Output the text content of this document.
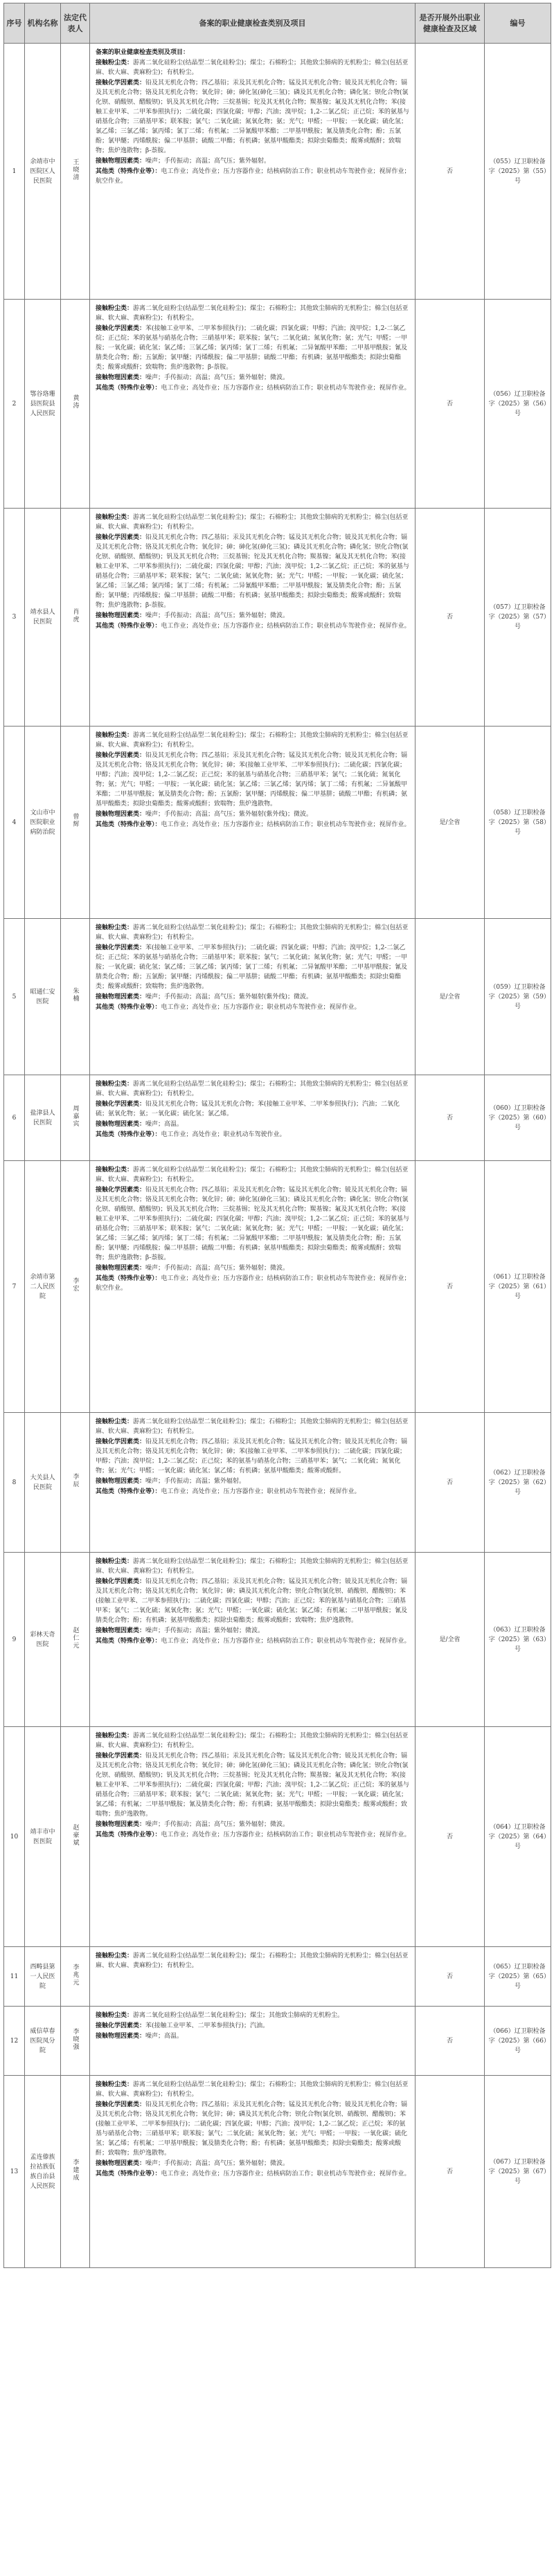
序号	机构名称	法定代表人	备案的职业健康检查类别及项目	是否开展外出职业健康检查及区域	编号
1	余靖市中医院区人民医院	王晓清	备案的职业健康检查类别及项目：

接触粉尘类：游离二氧化硅粉尘(结晶型二氧化硅粉尘)；煤尘；石棉粉尘；其他致尘肺病的无机粉尘；棉尘(包括亚麻、软大麻、黄麻粉尘)；有机粉尘。

接触化学因素类：铅及其无机化合物；四乙基铅；汞及其无机化合物；锰及其无机化合物；铍及其无机化合物；镉及其无机化合物；铬及其无机化合物；氧化锌；砷；砷化氢(砷化三氢)；磷及其无机化合物；磷化氢；钡化合物(氯化钡、硝酸钡、醋酸钡)；钒及其无机化合物；三烷基锡；铊及其无机化合物；羰基镍；氟及其无机化合物；苯(接触工业甲苯、二甲苯参照执行)；二硫化碳；四氯化碳；甲醇；汽油；溴甲烷；1,2-二氯乙烷；正己烷；苯的氨基与硝基化合物；三硝基甲苯；联苯胺；氯气；二氧化硫；氮氧化物；氨；光气；甲醛；一甲胺；一氧化碳；硫化氢；氯乙烯；三氯乙烯；氯丙烯；氯丁二烯；有机氟；二异氰酸甲苯酯；二甲基甲酰胺；氰及腈类化合物；酚；五氯酚；氯甲醚；丙烯酰胺；偏二甲基肼；硫酸二甲酯；有机磷；氨基甲酸酯类；拟除虫菊酯类；酸雾或酸酐；致喘物；焦炉逸散物；β-萘胺。

接触物理因素类：噪声；手传振动；高温；高气压；紫外辐射。

其他类（特殊作业等）：电工作业；高处作业；压力容器作业；结核病防治工作；职业机动车驾驶作业；视屏作业；航空作业。	否	（055）辽卫职检备字（2025）第（55）号
2	鄂谷珞珊县医院县人民医院	黄涛	接触粉尘类：游离二氧化硅粉尘(结晶型二氧化硅粉尘)；煤尘；石棉粉尘；其他致尘肺病的无机粉尘；棉尘(包括亚麻、软大麻、黄麻粉尘)；有机粉尘。

接触化学因素类：苯(接触工业甲苯、二甲苯参照执行)；二硫化碳；四氯化碳；甲醇；汽油；溴甲烷；1,2-二氯乙烷；正己烷；苯的氨基与硝基化合物；三硝基甲苯；联苯胺；氯气；二氧化硫；氮氧化物；氨；光气；甲醛；一甲胺；一氧化碳；硫化氢；氯乙烯；三氯乙烯；氯丙烯；氯丁二烯；有机氟；二异氰酸甲苯酯；二甲基甲酰胺；氰及腈类化合物；酚；五氯酚；氯甲醚；丙烯酰胺；偏二甲基肼；硫酸二甲酯；有机磷；氨基甲酸酯类；拟除虫菊酯类；酸雾或酸酐；致喘物；焦炉逸散物；β-萘胺。

接触物理因素类：噪声；手传振动；高温；高气压；紫外辐射；微波。

其他类（特殊作业等）：电工作业；高处作业；压力容器作业；结核病防治工作；职业机动车驾驶作业；视屏作业。	否	（056）辽卫职检备字（2025）第（56）号
3	靖水县人民医院	肖虎	接触粉尘类：游离二氧化硅粉尘(结晶型二氧化硅粉尘)；煤尘；石棉粉尘；其他致尘肺病的无机粉尘；棉尘(包括亚麻、软大麻、黄麻粉尘)；有机粉尘。

接触化学因素类：铅及其无机化合物；四乙基铅；汞及其无机化合物；锰及其无机化合物；铍及其无机化合物；镉及其无机化合物；铬及其无机化合物；氧化锌；砷；砷化氢(砷化三氢)；磷及其无机化合物；磷化氢；钡化合物(氯化钡、硝酸钡、醋酸钡)；钒及其无机化合物；三烷基锡；铊及其无机化合物；羰基镍；氟及其无机化合物；苯(接触工业甲苯、二甲苯参照执行)；二硫化碳；四氯化碳；甲醇；汽油；溴甲烷；1,2-二氯乙烷；正己烷；苯的氨基与硝基化合物；三硝基甲苯；联苯胺；氯气；二氧化硫；氮氧化物；氨；光气；甲醛；一甲胺；一氧化碳；硫化氢；氯乙烯；三氯乙烯；氯丙烯；氯丁二烯；有机氟；二异氰酸甲苯酯；二甲基甲酰胺；氰及腈类化合物；酚；五氯酚；氯甲醚；丙烯酰胺；偏二甲基肼；硫酸二甲酯；有机磷；氨基甲酸酯类；拟除虫菊酯类；酸雾或酸酐；致喘物；焦炉逸散物；β-萘胺。

接触物理因素类：噪声；手传振动；高温；高气压；紫外辐射；微波。

其他类（特殊作业等）：电工作业；高处作业；压力容器作业；结核病防治工作；职业机动车驾驶作业；视屏作业。	否	（057）辽卫职检备字（2025）第（57）号
4	文山市中医院职业病防治院	曾辉	接触粉尘类：游离二氧化硅粉尘(结晶型二氧化硅粉尘)；煤尘；石棉粉尘；其他致尘肺病的无机粉尘；棉尘(包括亚麻、软大麻、黄麻粉尘)；有机粉尘。

接触化学因素类：铅及其无机化合物；四乙基铅；汞及其无机化合物；锰及其无机化合物；铍及其无机化合物；镉及其无机化合物；铬及其无机化合物；氧化锌；砷；苯(接触工业甲苯、二甲苯参照执行)；二硫化碳；四氯化碳；甲醇；汽油；溴甲烷；1,2-二氯乙烷；正己烷；苯的氨基与硝基化合物；三硝基甲苯；氯气；二氧化硫；氮氧化物；氨；光气；甲醛；一甲胺；一氧化碳；硫化氢；氯乙烯；三氯乙烯；氯丙烯；氯丁二烯；有机氟；二异氰酸甲苯酯；二甲基甲酰胺；氰及腈类化合物；酚；五氯酚；氯甲醚；丙烯酰胺；偏二甲基肼；硫酸二甲酯；有机磷；氨基甲酸酯类；拟除虫菊酯类；酸雾或酸酐；致喘物；焦炉逸散物。

接触物理因素类：噪声；手传振动；高温；高气压；紫外辐射(紫外线)；微波。

其他类（特殊作业等）：电工作业；高处作业；压力容器作业；结核病防治工作；职业机动车驾驶作业；视屏作业。	是/全省	（058）辽卫职检备字（2025）第（58）号
5	昭通仁安医院	朱楠	接触粉尘类：游离二氧化硅粉尘(结晶型二氧化硅粉尘)；煤尘；石棉粉尘；其他致尘肺病的无机粉尘；棉尘(包括亚麻、软大麻、黄麻粉尘)；有机粉尘。

接触化学因素类：苯(接触工业甲苯、二甲苯参照执行)；二硫化碳；四氯化碳；甲醇；汽油；溴甲烷；1,2-二氯乙烷；正己烷；苯的氨基与硝基化合物；三硝基甲苯；联苯胺；氯气；二氧化硫；氮氧化物；氨；光气；甲醛；一甲胺；一氧化碳；硫化氢；氯乙烯；三氯乙烯；氯丙烯；氯丁二烯；有机氟；二异氰酸甲苯酯；二甲基甲酰胺；氰及腈类化合物；酚；五氯酚；氯甲醚；丙烯酰胺；偏二甲基肼；硫酸二甲酯；有机磷；氨基甲酸酯类；拟除虫菊酯类；酸雾或酸酐；致喘物；焦炉逸散物。

接触物理因素类：噪声；手传振动；高温；高气压；紫外辐射(紫外线)；微波。

其他类（特殊作业等）：电工作业；高处作业；压力容器作业；职业机动车驾驶作业；视屏作业。	是/全省	（059）辽卫职检备字（2025）第（59）号
6	盐津县人民医院	周嘉宾	接触粉尘类：游离二氧化硅粉尘(结晶型二氧化硅粉尘)；煤尘；石棉粉尘；其他致尘肺病的无机粉尘；棉尘(包括亚麻、软大麻、黄麻粉尘)；有机粉尘。

接触化学因素类：铅及其无机化合物；锰及其无机化合物；苯(接触工业甲苯、二甲苯参照执行)；汽油；二氧化硫；氨氧化物；氨；一氧化碳；硫化氢；氯乙烯。

接触物理因素类：噪声；高温。

其他类（特殊作业等）：电工作业；高处作业；职业机动车驾驶作业。	否	（060）辽卫职检备字（2025）第（60）号
7	余靖市第二人民医院	李宏	接触粉尘类：游离二氧化硅粉尘(结晶型二氧化硅粉尘)；煤尘；石棉粉尘；其他致尘肺病的无机粉尘；棉尘(包括亚麻、软大麻、黄麻粉尘)；有机粉尘。

接触化学因素类：铅及其无机化合物；四乙基铅；汞及其无机化合物；锰及其无机化合物；铍及其无机化合物；镉及其无机化合物；铬及其无机化合物；氧化锌；砷；砷化氢(砷化三氢)；磷及其无机化合物；磷化氢；钡化合物(氯化钡、硝酸钡、醋酸钡)；钒及其无机化合物；三烷基锡；铊及其无机化合物；羰基镍；氟及其无机化合物；苯(接触工业甲苯、二甲苯参照执行)；二硫化碳；四氯化碳；甲醇；汽油；溴甲烷；1,2-二氯乙烷；正己烷；苯的氨基与硝基化合物；三硝基甲苯；联苯胺；氯气；二氧化硫；氮氧化物；氨；光气；甲醛；一甲胺；一氧化碳；硫化氢；氯乙烯；三氯乙烯；氯丙烯；氯丁二烯；有机氟；二异氰酸甲苯酯；二甲基甲酰胺；氰及腈类化合物；酚；五氯酚；氯甲醚；丙烯酰胺；偏二甲基肼；硫酸二甲酯；有机磷；氨基甲酸酯类；拟除虫菊酯类；酸雾或酸酐；致喘物；焦炉逸散物；β-萘胺。

接触物理因素类：噪声；手传振动；高温；高气压；紫外辐射；微波。

其他类（特殊作业等）：电工作业；高处作业；压力容器作业；结核病防治工作；职业机动车驾驶作业；视屏作业；航空作业。	否	（061）辽卫职检备字（2025）第（61）号
8	大关县人民医院	李辰	接触粉尘类：游离二氧化硅粉尘(结晶型二氧化硅粉尘)；煤尘；石棉粉尘；其他致尘肺病的无机粉尘；棉尘(包括亚麻、软大麻、黄麻粉尘)；有机粉尘。

接触化学因素类：铅及其无机化合物；四乙基铅；汞及其无机化合物；锰及其无机化合物；铍及其无机化合物；镉及其无机化合物；铬及其无机化合物；氧化锌；砷；苯(接触工业甲苯、二甲苯参照执行)；二硫化碳；四氯化碳；甲醇；汽油；溴甲烷；1,2-二氯乙烷；正己烷；苯的氨基与硝基化合物；三硝基甲苯；氯气；二氧化硫；氮氧化物；氨；光气；甲醛；一氧化碳；硫化氢；氯乙烯；有机磷；氨基甲酸酯类；酸雾或酸酐。

接触物理因素类：噪声；手传振动；高温；紫外辐射。

其他类（特殊作业等）：电工作业；高处作业；压力容器作业；职业机动车驾驶作业；视屏作业。	否	（062）辽卫职检备字（2025）第（62）号
9	彩林天奇医院	赵仁元	接触粉尘类：游离二氧化硅粉尘(结晶型二氧化硅粉尘)；煤尘；石棉粉尘；其他致尘肺病的无机粉尘；棉尘(包括亚麻、软大麻、黄麻粉尘)；有机粉尘。

接触化学因素类：铅及其无机化合物；四乙基铅；汞及其无机化合物；锰及其无机化合物；铍及其无机化合物；镉及其无机化合物；铬及其无机化合物；氧化锌；砷；磷及其无机化合物；钡化合物(氯化钡、硝酸钡、醋酸钡)；苯(接触工业甲苯、二甲苯参照执行)；二硫化碳；四氯化碳；甲醇；汽油；正己烷；苯的氨基与硝基化合物；三硝基甲苯；氯气；二氧化硫；氮氧化物；氨；光气；甲醛；一氧化碳；硫化氢；氯乙烯；有机氟；二甲基甲酰胺；氰及腈类化合物；酚；有机磷；氨基甲酸酯类；拟除虫菊酯类；酸雾或酸酐；致喘物；焦炉逸散物。

接触物理因素类：噪声；手传振动；高温；紫外辐射；微波。

其他类（特殊作业等）：电工作业；高处作业；压力容器作业；结核病防治工作；职业机动车驾驶作业；视屏作业。	是/全省	（063）辽卫职检备字（2025）第（63）号
10	靖丰市中医医院	赵豪斌	接触粉尘类：游离二氧化硅粉尘(结晶型二氧化硅粉尘)；煤尘；石棉粉尘；其他致尘肺病的无机粉尘；棉尘(包括亚麻、软大麻、黄麻粉尘)；有机粉尘。

接触化学因素类：铅及其无机化合物；四乙基铅；汞及其无机化合物；锰及其无机化合物；铍及其无机化合物；镉及其无机化合物；铬及其无机化合物；氧化锌；砷；砷化氢(砷化三氢)；磷及其无机化合物；磷化氢；钡化合物(氯化钡、硝酸钡、醋酸钡)；钒及其无机化合物；三烷基锡；铊及其无机化合物；羰基镍；氟及其无机化合物；苯(接触工业甲苯、二甲苯参照执行)；二硫化碳；四氯化碳；甲醇；汽油；溴甲烷；1,2-二氯乙烷；正己烷；苯的氨基与硝基化合物；三硝基甲苯；联苯胺；氯气；二氧化硫；氮氧化物；氨；光气；甲醛；一甲胺；一氧化碳；硫化氢；氯乙烯；有机氟；二甲基甲酰胺；氰及腈类化合物；酚；有机磷；氨基甲酸酯类；拟除虫菊酯类；酸雾或酸酐；致喘物；焦炉逸散物。

接触物理因素类：噪声；手传振动；高温；高气压；紫外辐射；微波。

其他类（特殊作业等）：电工作业；高处作业；压力容器作业；结核病防治工作；职业机动车驾驶作业；视屏作业。	否	（064）辽卫职检备字（2025）第（64）号
11	西畴县第一人民医院	李兆元	接触粉尘类：游离二氧化硅粉尘(结晶型二氧化硅粉尘)；煤尘；石棉粉尘；其他致尘肺病的无机粉尘；棉尘(包括亚麻、软大麻、黄麻粉尘)；有机粉尘。	否	（065）辽卫职检备字（2025）第（65）号
12	威信草春医院凤分院	李晓强	接触粉尘类：游离二氧化硅粉尘(结晶型二氧化硅粉尘)；煤尘；其他致尘肺病的无机粉尘。

接触化学因素类：苯(接触工业甲苯、二甲苯参照执行)；汽油。

接触物理因素类：噪声；高温。	否	（066）辽卫职检备字（2025）第（66）号
13	孟连傣族拉祜族佤族自治县人民医院	李建成	接触粉尘类：游离二氧化硅粉尘(结晶型二氧化硅粉尘)；煤尘；石棉粉尘；其他致尘肺病的无机粉尘；棉尘(包括亚麻、软大麻、黄麻粉尘)；有机粉尘。

接触化学因素类：铅及其无机化合物；四乙基铅；汞及其无机化合物；锰及其无机化合物；铍及其无机化合物；镉及其无机化合物；铬及其无机化合物；氧化锌；砷；磷及其无机化合物；钡化合物(氯化钡、硝酸钡、醋酸钡)；苯(接触工业甲苯、二甲苯参照执行)；二硫化碳；四氯化碳；甲醇；汽油；溴甲烷；1,2-二氯乙烷；正己烷；苯的氨基与硝基化合物；三硝基甲苯；联苯胺；氯气；二氧化硫；氮氧化物；氨；光气；甲醛；一甲胺；一氧化碳；硫化氢；氯乙烯；有机氟；二甲基甲酰胺；氰及腈类化合物；酚；有机磷；氨基甲酸酯类；拟除虫菊酯类；酸雾或酸酐；致喘物；焦炉逸散物。

接触物理因素类：噪声；手传振动；高温；高气压；紫外辐射；微波。

其他类（特殊作业等）：电工作业；高处作业；压力容器作业；结核病防治工作；职业机动车驾驶作业；视屏作业。	否	（067）辽卫职检备字（2025）第（67）号
